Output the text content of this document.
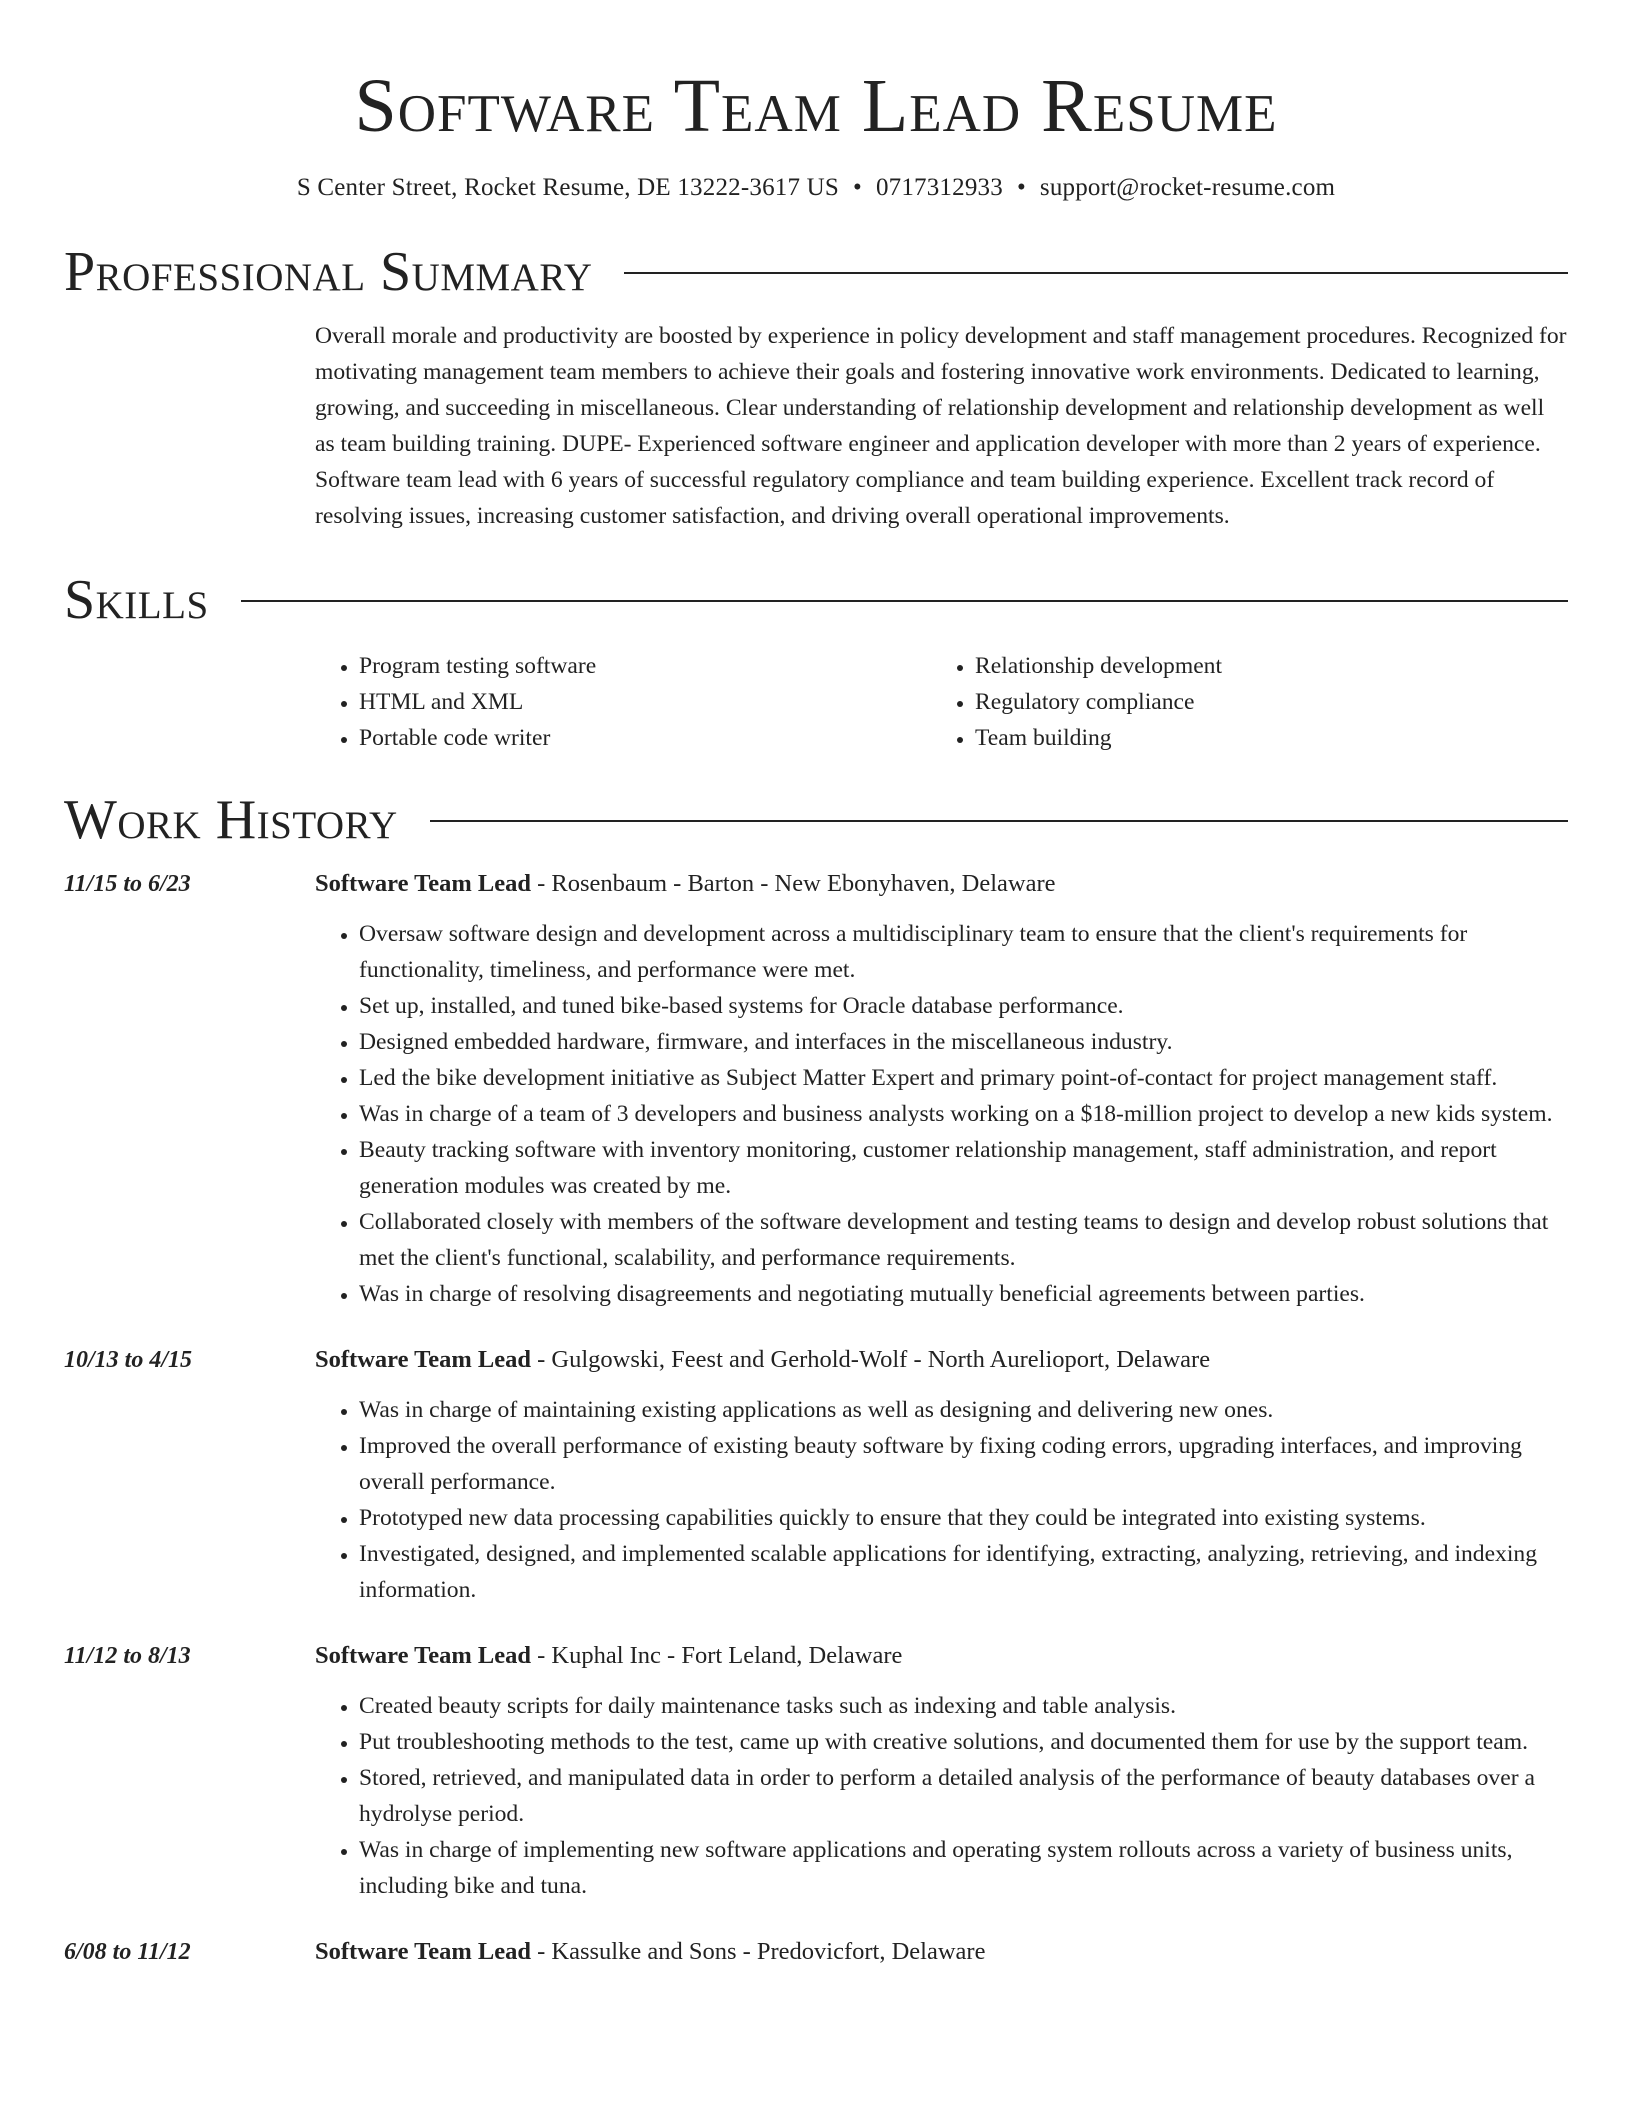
Software Team Lead Resume
S Center Street, Rocket Resume, DE 13222-3617 US • 0717312933 • support@rocket-resume.com
Professional Summary
Overall morale and productivity are boosted by experience in policy development and staff management procedures. Recognized for motivating management team members to achieve their goals and fostering innovative work environments. Dedicated to learning, growing, and succeeding in miscellaneous. Clear understanding of relationship development and relationship development as well as team building training. DUPE- Experienced software engineer and application developer with more than 2 years of experience. Software team lead with 6 years of successful regulatory compliance and team building experience. Excellent track record of resolving issues, increasing customer satisfaction, and driving overall operational improvements.
Skills
• Program testing software
• HTML and XML
• Portable code writer
• Relationship development
• Regulatory compliance
• Team building
Work History
11/15 to 6/23	Software Team Lead - Rosenbaum - Barton - New Ebonyhaven, Delaware
• Oversaw software design and development across a multidisciplinary team to ensure that the client's requirements for functionality, timeliness, and performance were met.
• Set up, installed, and tuned bike-based systems for Oracle database performance.
• Designed embedded hardware, firmware, and interfaces in the miscellaneous industry.
• Led the bike development initiative as Subject Matter Expert and primary point-of-contact for project management staff.
• Was in charge of a team of 3 developers and business analysts working on a $18-million project to develop a new kids system.
• Beauty tracking software with inventory monitoring, customer relationship management, staff administration, and report generation modules was created by me.
• Collaborated closely with members of the software development and testing teams to design and develop robust solutions that met the client's functional, scalability, and performance requirements.
• Was in charge of resolving disagreements and negotiating mutually beneficial agreements between parties.
10/13 to 4/15	Software Team Lead - Gulgowski, Feest and Gerhold-Wolf - North Aurelioport, Delaware
• Was in charge of maintaining existing applications as well as designing and delivering new ones.
• Improved the overall performance of existing beauty software by fixing coding errors, upgrading interfaces, and improving overall performance.
• Prototyped new data processing capabilities quickly to ensure that they could be integrated into existing systems.
• Investigated, designed, and implemented scalable applications for identifying, extracting, analyzing, retrieving, and indexing information.
11/12 to 8/13	Software Team Lead - Kuphal Inc - Fort Leland, Delaware
• Created beauty scripts for daily maintenance tasks such as indexing and table analysis.
• Put troubleshooting methods to the test, came up with creative solutions, and documented them for use by the support team.
• Stored, retrieved, and manipulated data in order to perform a detailed analysis of the performance of beauty databases over a hydrolyse period.
• Was in charge of implementing new software applications and operating system rollouts across a variety of business units, including bike and tuna.
6/08 to 11/12	Software Team Lead - Kassulke and Sons - Predovicfort, Delaware
